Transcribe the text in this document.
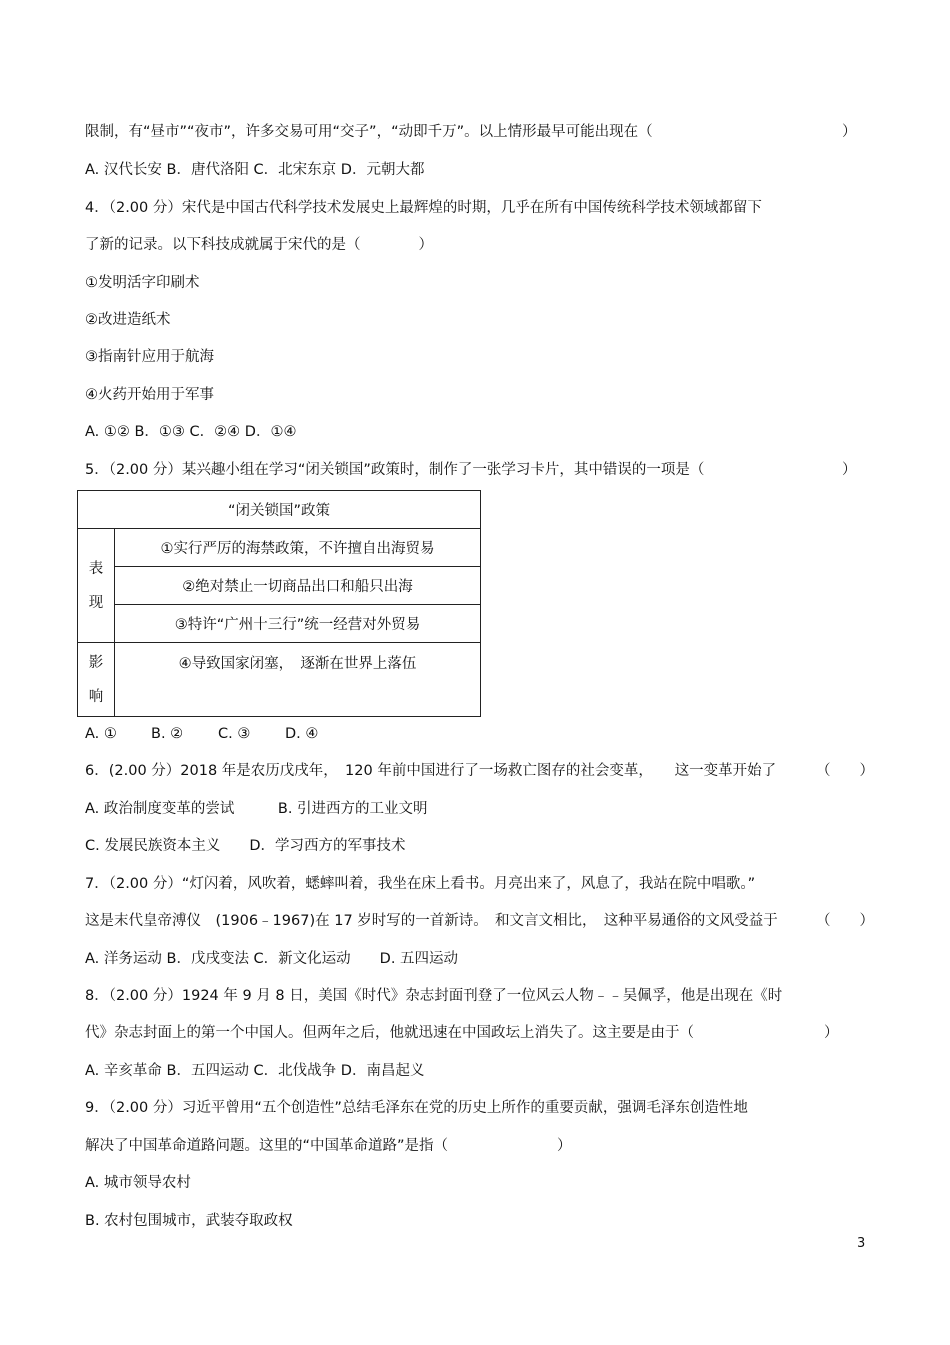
限制，有“昼市”“夜市”，许多交易可用“交子”，“动即千万”。以上情形最早可能出现在（	）
A. 汉代长安 B．唐代洛阳 C．北宋东京 D．元朝大都
4．（2.00 分）宋代是中国古代科学技术发展史上最辉煌的时期，几乎在所有中国传统科学技术领域都留下
了新的记录。以下科技成就属于宋代的是（　　　　）
①发明活字印刷术
②改进造纸术
③指南针应用于航海
④火药开始用于军事
A. ①② B．①③ C．②④ D．①④
5．（2.00 分）某兴趣小组在学习“闭关锁国”政策时，制作了一张学习卡片，其中错误的一项是（	）
“闭关锁国”政策	

表
现	①实行严厉的海禁政策，不许擅自出海贸易
	②绝对禁止一切商品出口和船只出海
	③特许“广州十三行”统一经营对外贸易

影
响	④导致国家闭塞，　逐渐在世界上落伍
A. ① B. ② C. ③ D. ④
6．(2.00 分）2018 年是农历戊戌年，　120 年前中国进行了一场救亡图存的社会变革，　　这一变革开始了	（　　）
A. 政治制度变革的尝试　　　B. 引进西方的工业文明
C. 发展民族资本主义　　D．学习西方的军事技术
7．（2.00 分）“灯闪着，风吹着，蟋蟀叫着，我坐在床上看书。月亮出来了，风息了，我站在院中唱歌。”
这是末代皇帝溥仪　(1906﹣1967)在 17 岁时写的一首新诗。　和文言文相比，　这种平易通俗的文风受益于	（　　）
A. 洋务运动 B．戊戌变法 C．新文化运动　　D. 五四运动
8．（2.00 分）1924 年 9 月 8 日，美国《时代》杂志封面刊登了一位风云人物﹣﹣吴佩孚，他是出现在《时
代》杂志封面上的第一个中国人。但两年之后，他就迅速在中国政坛上消失了。这主要是由于（	）
A. 辛亥革命 B．五四运动 C．北伐战争 D．南昌起义
9．（2.00 分）习近平曾用“五个创造性”总结毛泽东在党的历史上所作的重要贡献，强调毛泽东创造性地
解决了中国革命道路问题。这里的“中国革命道路”是指（	）
A. 城市领导农村
B. 农村包围城市，武装夺取政权
3
